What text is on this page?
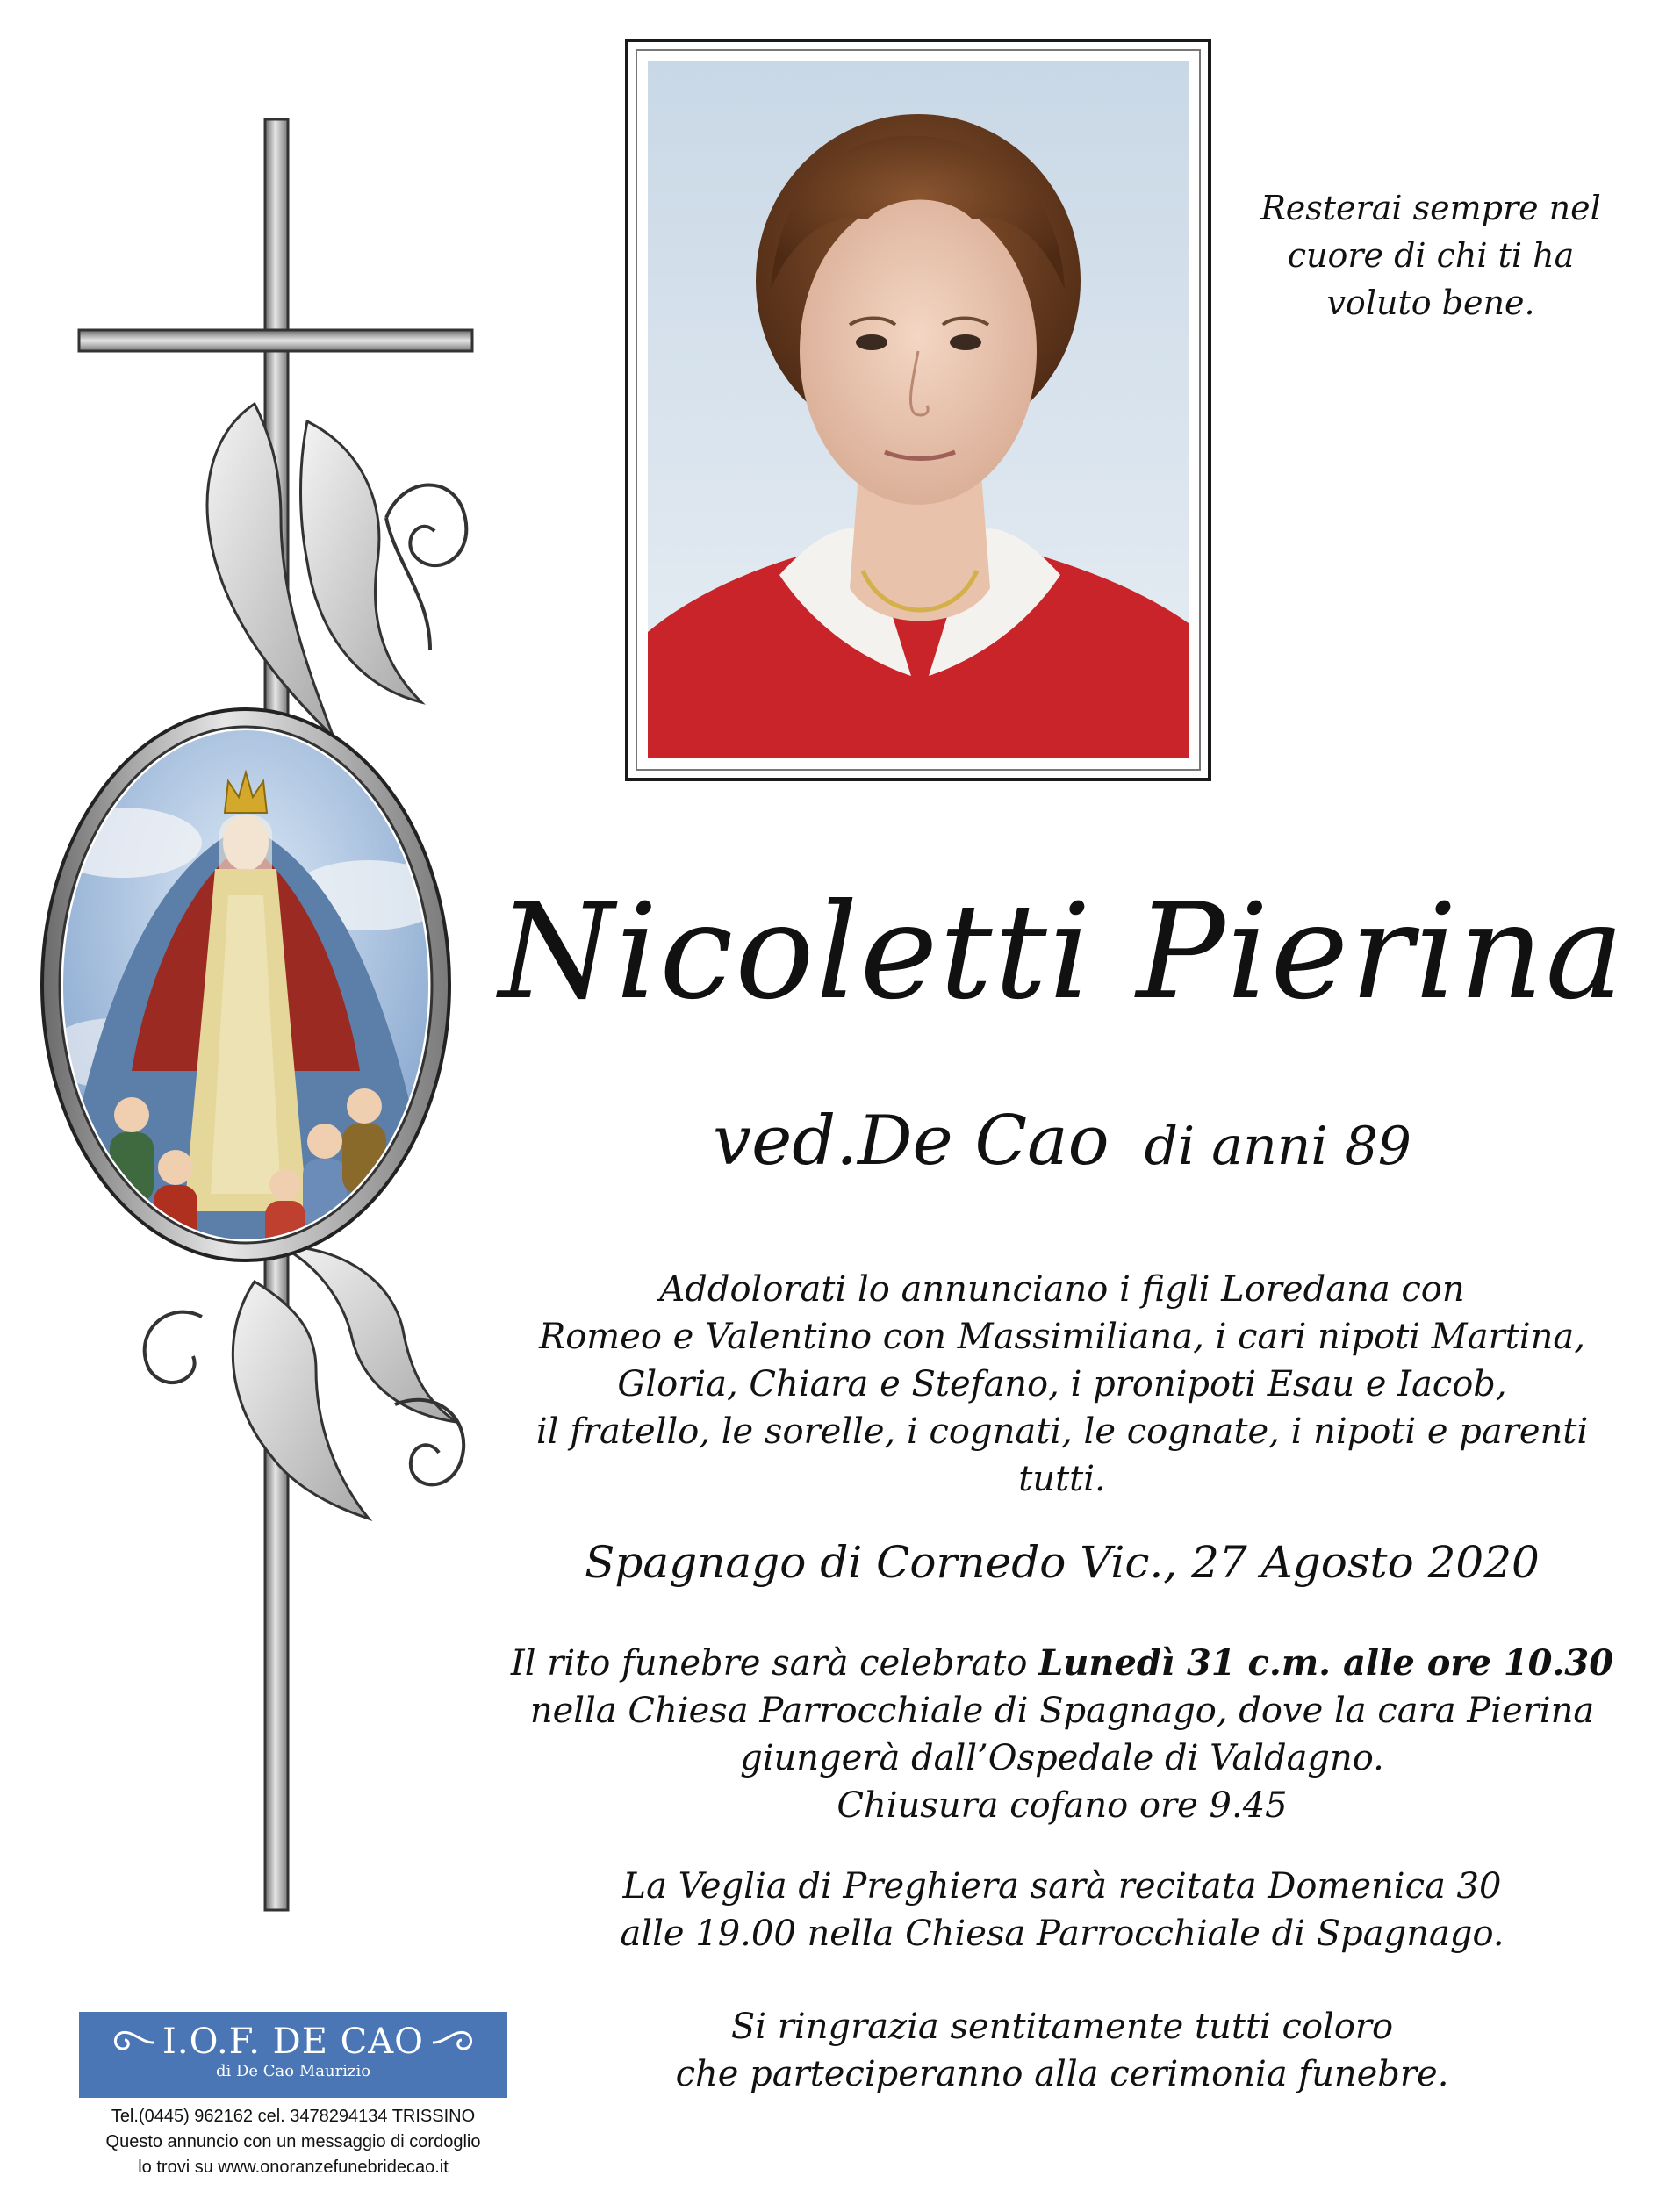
Resterai sempre nel
cuore di chi ti ha
voluto bene.
Nicoletti Pierina
ved.De Cao di anni 89
Addolorati lo annunciano i figli Loredana con
Romeo e Valentino con Massimiliana, i cari nipoti Martina,
Gloria, Chiara e Stefano, i pronipoti Esau e Iacob,
il fratello, le sorelle, i cognati, le cognate, i nipoti e parenti tutti.
Spagnago di Cornedo Vic., 27 Agosto 2020
Il rito funebre sarà celebrato Lunedì 31 c.m. alle ore 10.30
nella Chiesa Parrocchiale di Spagnago, dove la cara Pierina
giungerà dall’Ospedale di Valdagno.
Chiusura cofano ore 9.45
La Veglia di Preghiera sarà recitata Domenica 30
alle 19.00 nella Chiesa Parrocchiale di Spagnago.
Si ringrazia sentitamente tutti coloro
che parteciperanno alla cerimonia funebre.
I.O.F. DE CAO
di De Cao Maurizio
Tel.(0445) 962162 cel. 3478294134 TRISSINO
Questo annuncio con un messaggio di cordoglio
lo trovi su www.onoranzefunebridecao.it
